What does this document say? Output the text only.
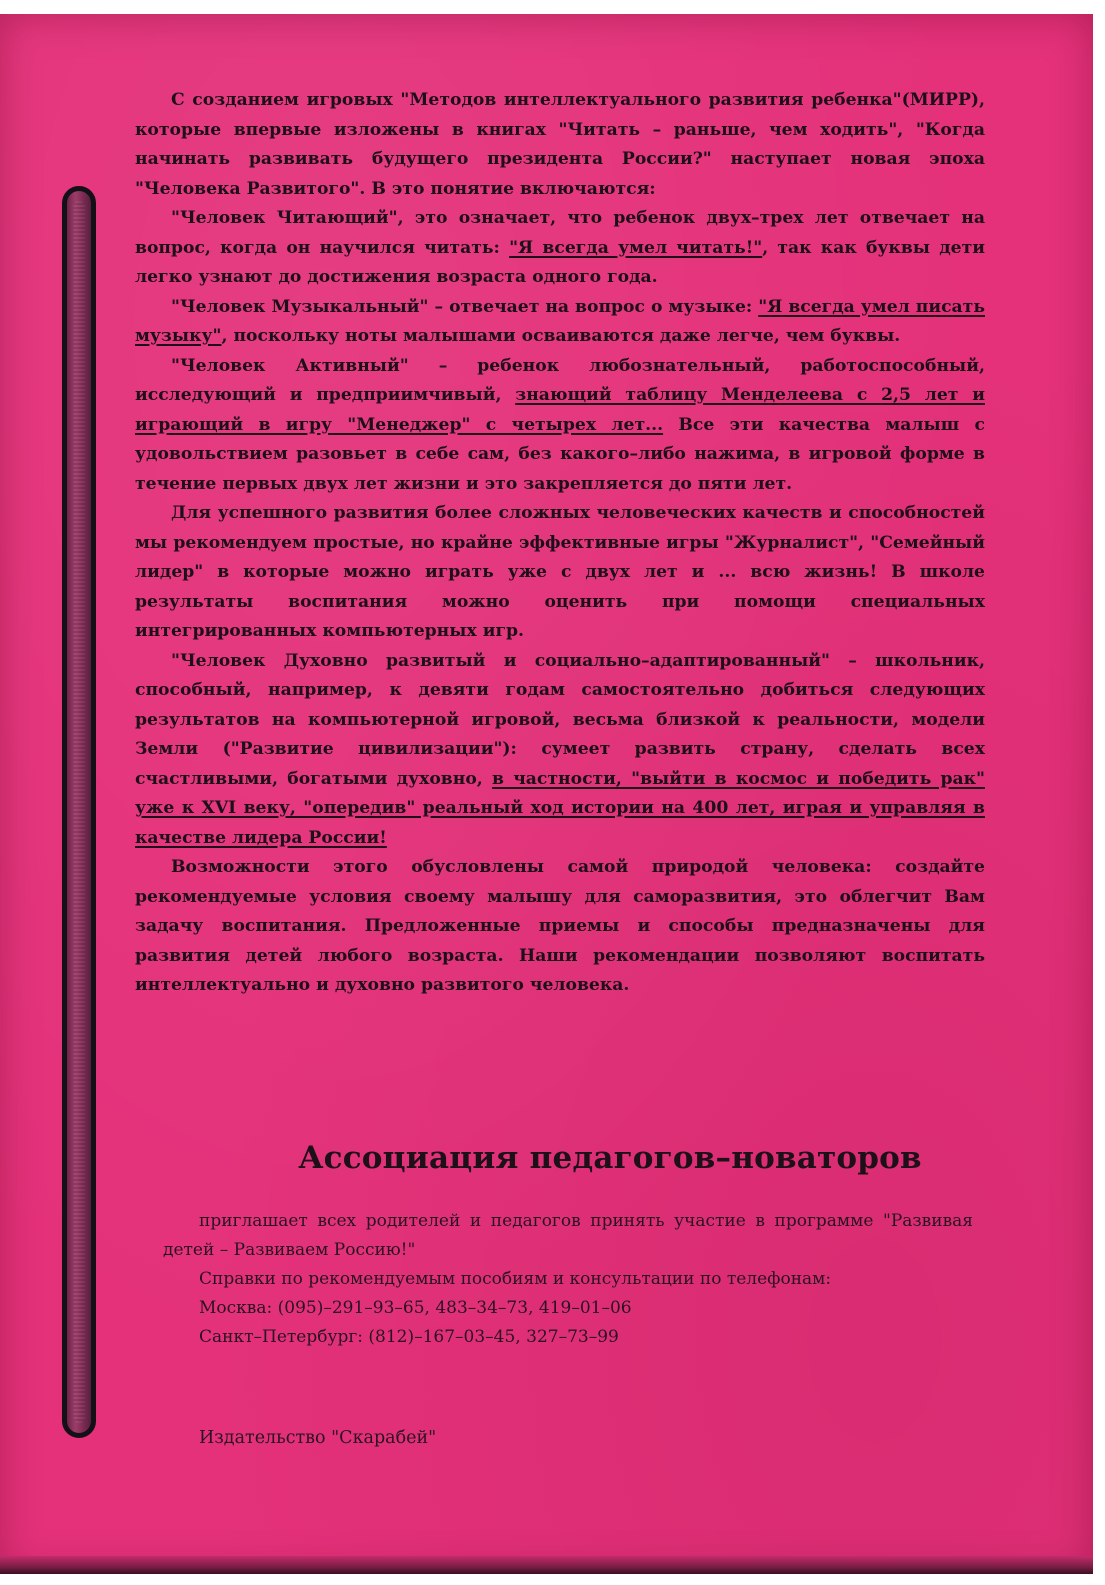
С созданием игровых "Методов интеллектуального развития ребенка"(МИРР), которые впервые изложены в книгах "Читать – раньше, чем ходить", "Когда начинать развивать будущего президента России?" наступает новая эпоха "Человека Развитого". В это понятие включаются:

"Человек Читающий", это означает, что ребенок двух–трех лет отвечает на вопрос, когда он научился читать: "Я всегда умел читать!", так как буквы дети легко узнают до достижения возраста одного года.

"Человек Музыкальный" – отвечает на вопрос о музыке: "Я всегда умел писать музыку", поскольку ноты малышами осваиваются даже легче, чем буквы.

"Человек Активный" – ребенок любознательный, работоспособный, исследующий и предприимчивый, знающий таблицу Менделеева с 2,5 лет и играющий в игру "Менеджер" с четырех лет... Все эти качества малыш с удовольствием разовьет в себе сам, без какого–либо нажима, в игровой форме в течение первых двух лет жизни и это закрепляется до пяти лет.

Для успешного развития более сложных человеческих качеств и способностей мы рекомендуем простые, но крайне эффективные игры "Журналист", "Семейный лидер" в которые можно играть уже с двух лет и ... всю жизнь! В школе результаты воспитания можно оценить при помощи специальных интегрированных компьютерных игр.

"Человек Духовно развитый и социально–адаптированный" – школьник, способный, например, к девяти годам самостоятельно добиться следующих результатов на компьютерной игровой, весьма близкой к реальности, модели Земли ("Развитие цивилизации"): сумеет развить страну, сделать всех счастливыми, богатыми духовно, в частности, "выйти в космос и победить рак" уже к XVI веку, "опередив" реальный ход истории на 400 лет, играя и управляя в качестве лидера России!

Возможности этого обусловлены самой природой человека: создайте рекомендуемые условия своему малышу для саморазвития, это облегчит Вам задачу воспитания. Предложенные приемы и способы предназначены для развития детей любого возраста. Наши рекомендации позволяют воспитать интеллектуально и духовно развитого человека.

Ассоциация педагогов–новаторов

приглашает всех родителей и педагогов принять участие в программе "Развивая детей – Развиваем Россию!"

Справки по рекомендуемым пособиям и консультации по телефонам:

Москва: (095)–291–93–65, 483–34–73, 419–01–06

Санкт–Петербург: (812)–167–03–45, 327–73–99

Издательство "Скарабей"
